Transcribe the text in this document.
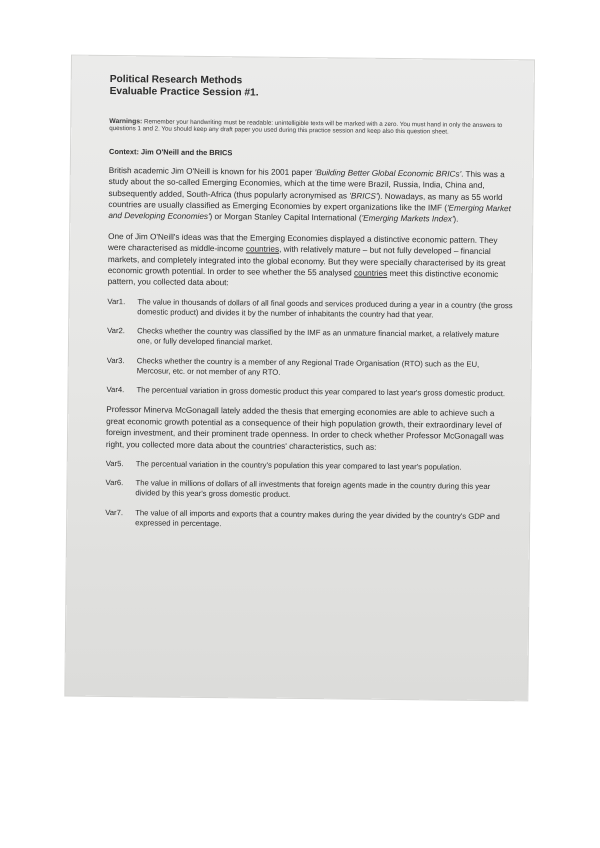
Political Research Methods
Evaluable Practice Session #1.
Warnings: Remember your handwriting must be readable: unintelligible texts will be marked with a zero. You must hand in only the answers to questions 1 and 2. You should keep any draft paper you used during this practice session and keep also this question sheet.
Context: Jim O'Neill and the BRICS

British academic Jim O'Neill is known for his 2001 paper 'Building Better Global Economic BRICs'. This was a study about the so-called Emerging Economies, which at the time were Brazil, Russia, India, China and, subsequently added, South-Africa (thus popularly acronymised as 'BRICS'). Nowadays, as many as 55 world countries are usually classified as Emerging Economies by expert organizations like the IMF ('Emerging Market and Developing Economies') or Morgan Stanley Capital International ('Emerging Markets Index').

One of Jim O'Neill's ideas was that the Emerging Economies displayed a distinctive economic pattern. They were characterised as middle-income countries, with relatively mature – but not fully developed – financial markets, and completely integrated into the global economy. But they were specially characterised by its great economic growth potential. In order to see whether the 55 analysed countries meet this distinctive economic pattern, you collected data about:

Var1.	The value in thousands of dollars of all final goods and services produced during a year in a country (the gross domestic product) and divides it by the number of inhabitants the country had that year.
Var2.	Checks whether the country was classified by the IMF as an unmature financial market, a relatively mature one, or fully developed financial market.
Var3.	Checks whether the country is a member of any Regional Trade Organisation (RTO) such as the EU, Mercosur, etc. or not member of any RTO.
Var4.	The percentual variation in gross domestic product this year compared to last year's gross domestic product.

Professor Minerva McGonagall lately added the thesis that emerging economies are able to achieve such a great economic growth potential as a consequence of their high population growth, their extraordinary level of foreign investment, and their prominent trade openness. In order to check whether Professor McGonagall was right, you collected more data about the countries' characteristics, such as:

Var5.	The percentual variation in the country's population this year compared to last year's population.
Var6.	The value in millions of dollars of all investments that foreign agents made in the country during this year divided by this year's gross domestic product.
Var7.	The value of all imports and exports that a country makes during the year divided by the country's GDP and expressed in percentage.
